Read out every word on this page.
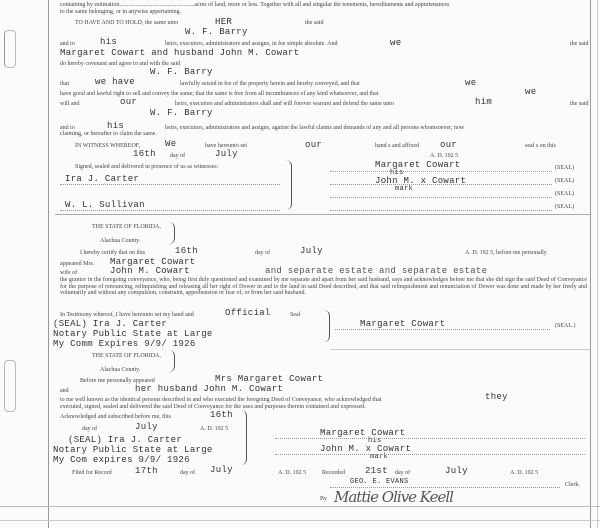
containing by estimation..................................................acres of land, more or less. Together with all and singular the tenements, hereditaments and appurtenances
to the same belonging, or in anywise appertaining.
TO HAVE AND TO HOLD, the same unto	HER	the said
W. F. Barry
and to	his	heirs, executors, administrators and assigns, in fee simple absolute. And	we	the said
Margaret Cowart and husband John M. Cowart
do hereby covenant and agree to and with the said
W. F. Barry
that	we have	lawfully seized in fee of the property herein and hereby conveyed, and that	we
have good and lawful right to sell and convey the same; that the same is free from all incumbrances of any kind whatsoever, and that	we
will and	our	heirs, executors and administrators shall and will forever warrant and defend the same unto	him	the said
W. F. Barry
and to	his	heirs, executors, administrators and assigns, against the lawful claims and demands of any and all persons whomsoever, now
claiming, or hereafter to claim the same.
IN WITNESS WHEREOF,	We	have hereunto set	our	hand s and affixed our	seal s on this
16th day of	July	A. D. 192 5
Signed, sealed and delivered in presence of us as witnesses:
Ira J. Carter
W. L. Sullivan
Margaret Cowart
his
John M. x Cowart
mark
(SEAL)
(SEAL)
(SEAL)
(SEAL)
THE STATE OF FLORIDA,
Alachua County.
I hereby certify that on this	16th	day of	July	A. D. 192 5, before me personally
appeared Mrs. Margaret Cowart
wife of	John M. Cowart	and separate estate and separate estate
the grantor in the foregoing conveyance, who, being first duly questioned and examined by me separate and apart from her said husband, says and acknowledges before me that she did sign the said Deed of Conveyance for the purpose of renouncing, relinquishing and releasing all her right of Dower in and to the land in said Deed described, and that said relinquishment and renunciation of Dower was done and made by her freely and voluntarily and without any compulsion, constraint, apprehension or fear of, or from her said husband.
In Testimony whereof, I have hereunto set my hand and	Official	Seal
(SEAL) Ira J. Carter
Notary Public State at Large
My Comm Expires 9/9/ 1926
Margaret Cowart	(SEAL.)
THE STATE OF FLORIDA,
Alachua County.
Before me personally appeared	Mrs Margaret Cowart
and	her husband John M. Cowart
to me well known as the identical persons described in and who executed the foregoing Deed of Conveyance, who acknowledged that	they
executed, signed, sealed and delivered the said Deed of Conveyance for the uses and purposes therein contained and expressed.
Acknowledged and subscribed before me, this	16th
day of	July	A. D. 192 5
(SEAL) Ira J. Carter
Notary Public State at Large
My Com expires 9/9/ 1926
Margaret Cowart
his
John M. x Cowart
mark
Filed for Record	17th	day of July	A. D. 192 5	Recorded 21st day of	July	A. D. 192 5
GEO. E. EVANS	Clerk.
By Mattie Olive Keell
